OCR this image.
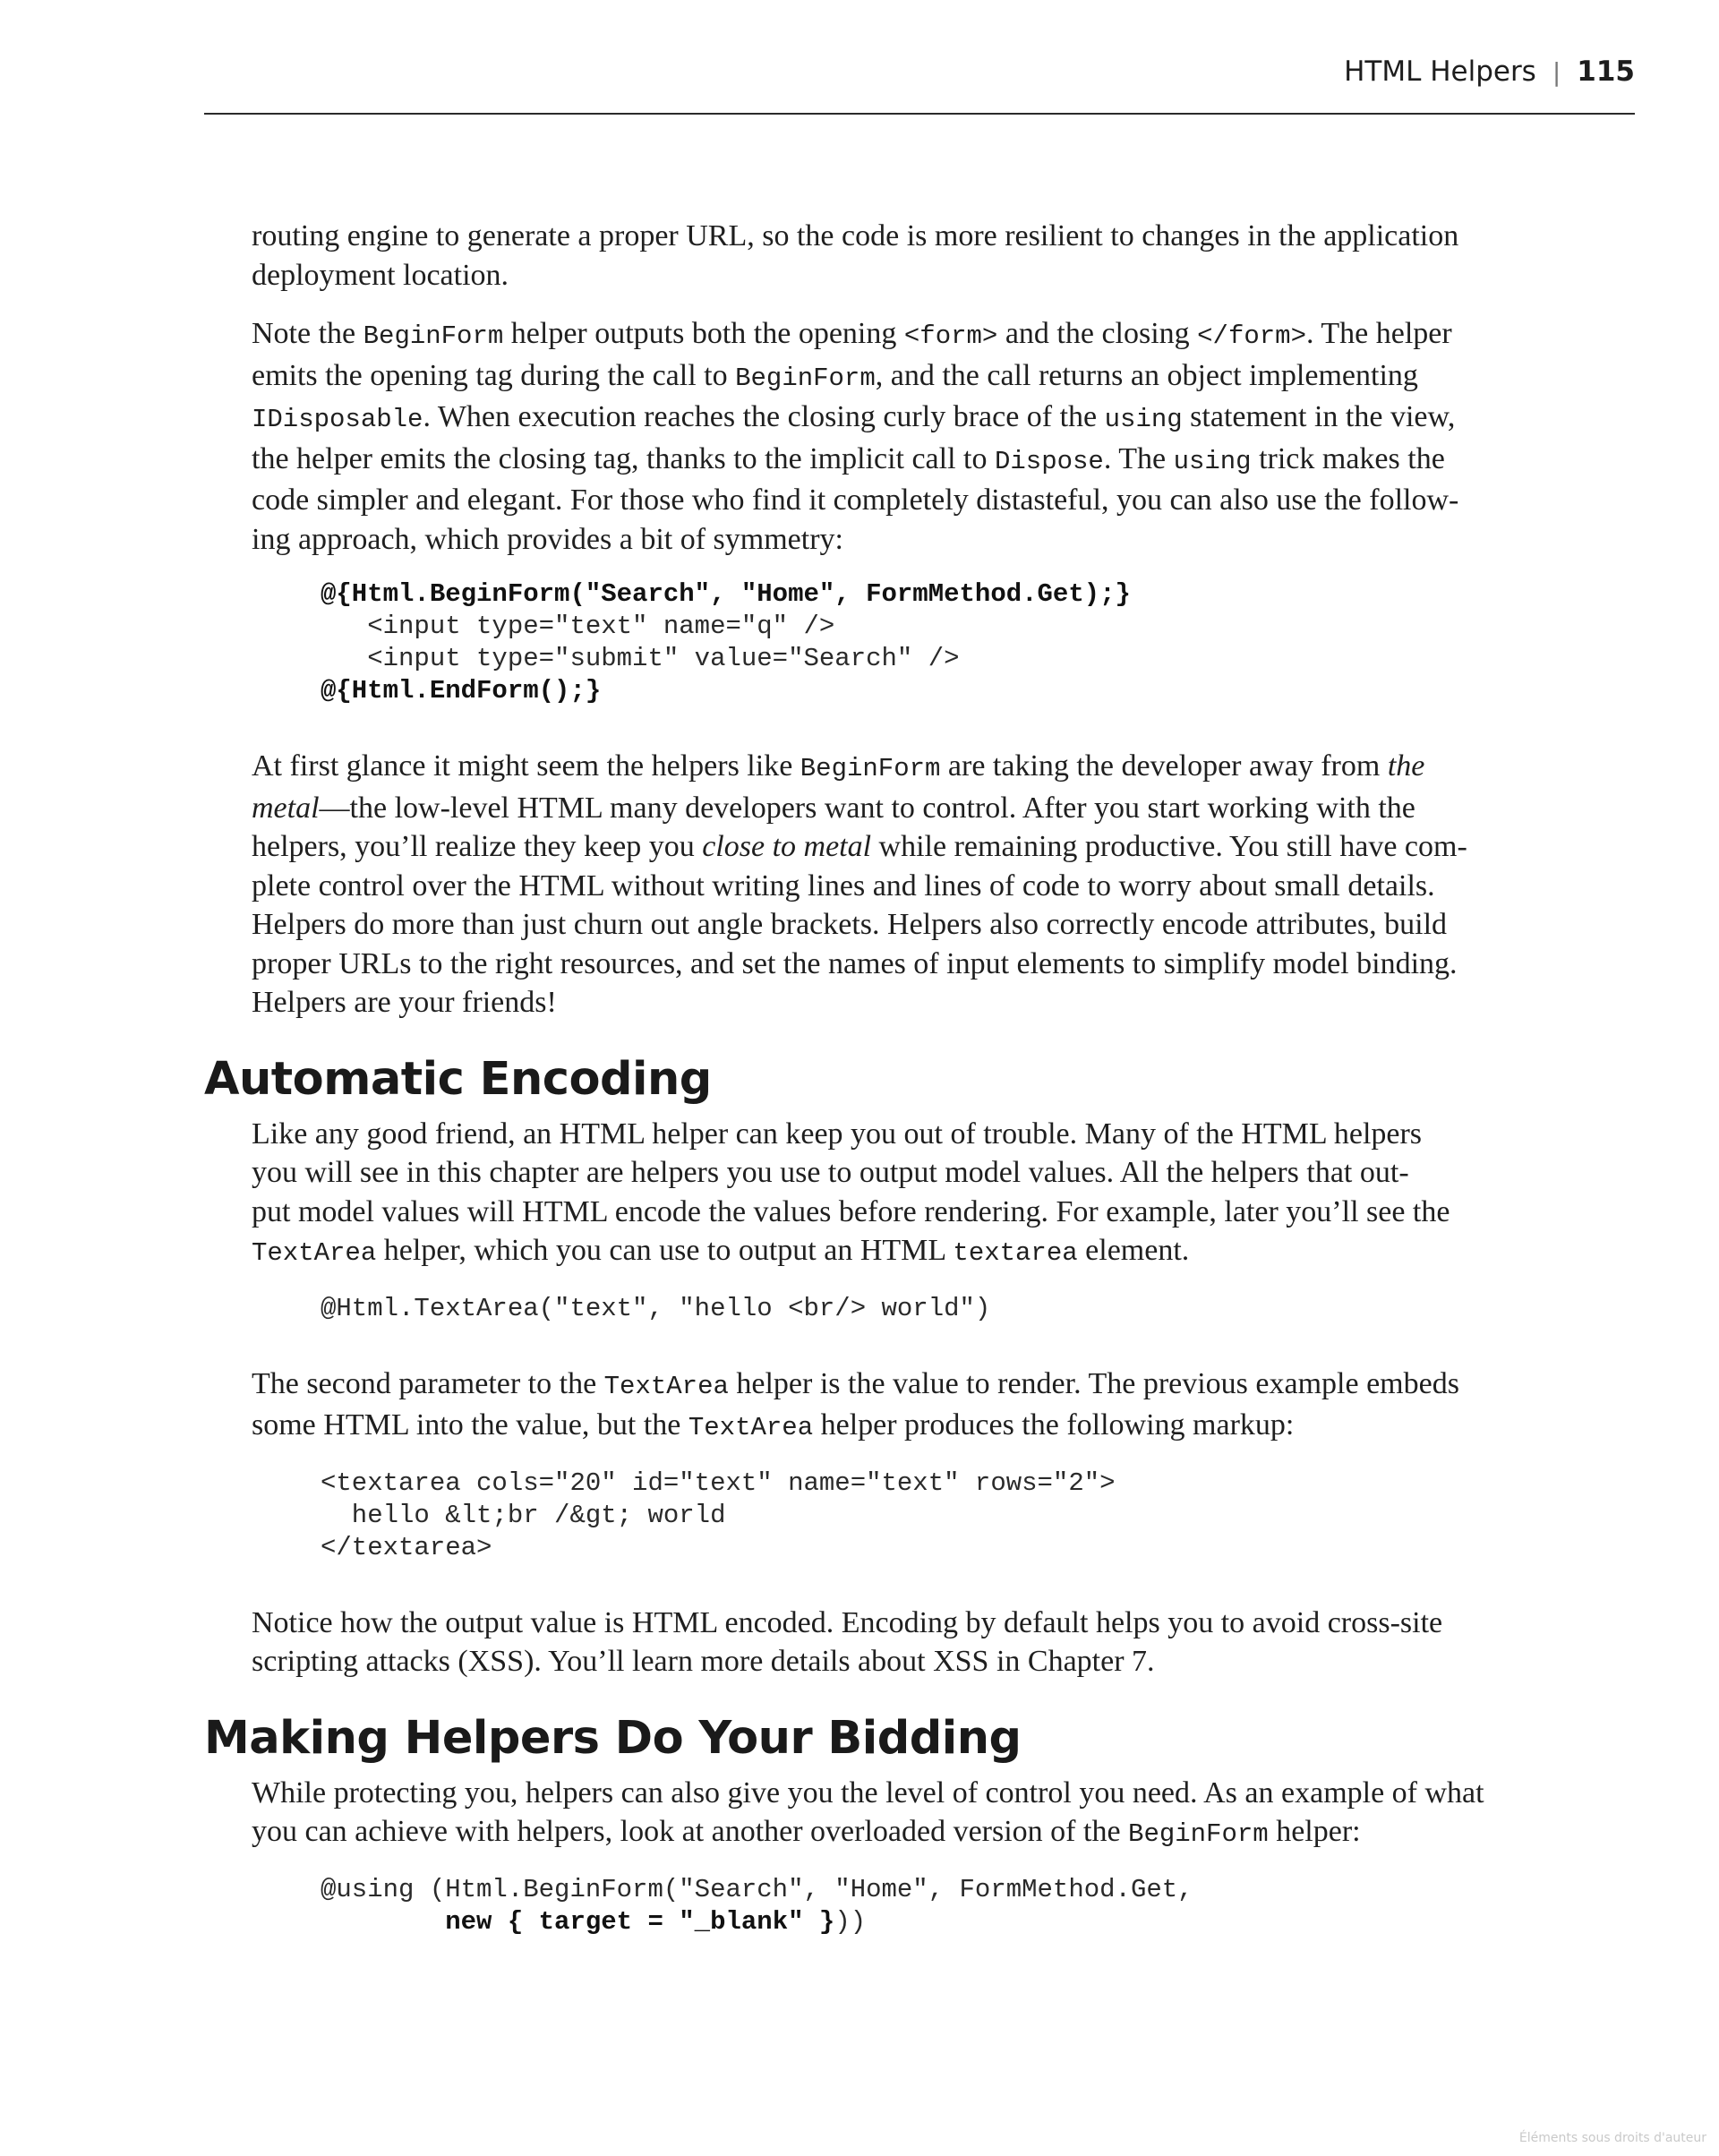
HTML Helpers | 115
routing engine to generate a proper URL, so the code is more resilient to changes in the application
deployment location.
Note the BeginForm helper outputs both the opening <form> and the closing </form>. The helper
emits the opening tag during the call to BeginForm, and the call returns an object implementing
IDisposable. When execution reaches the closing curly brace of the using statement in the view,
the helper emits the closing tag, thanks to the implicit call to Dispose. The using trick makes the
code simpler and elegant. For those who find it completely distasteful, you can also use the follow-
ing approach, which provides a bit of symmetry:
@{Html.BeginForm("Search", "Home", FormMethod.Get);}
<input type="text" name="q" />
<input type="submit" value="Search" />
@{Html.EndForm();}
At first glance it might seem the helpers like BeginForm are taking the developer away from the
metal—the low-level HTML many developers want to control. After you start working with the
helpers, you’ll realize they keep you close to metal while remaining productive. You still have com-
plete control over the HTML without writing lines and lines of code to worry about small details.
Helpers do more than just churn out angle brackets. Helpers also correctly encode attributes, build
proper URLs to the right resources, and set the names of input elements to simplify model binding.
Helpers are your friends!
Automatic Encoding
Like any good friend, an HTML helper can keep you out of trouble. Many of the HTML helpers
you will see in this chapter are helpers you use to output model values. All the helpers that out-
put model values will HTML encode the values before rendering. For example, later you’ll see the
TextArea helper, which you can use to output an HTML textarea element.
@Html.TextArea("text", "hello <br/> world")
The second parameter to the TextArea helper is the value to render. The previous example embeds
some HTML into the value, but the TextArea helper produces the following markup:
<textarea cols="20" id="text" name="text" rows="2">
hello &lt;br /&gt; world
</textarea>
Notice how the output value is HTML encoded. Encoding by default helps you to avoid cross-site
scripting attacks (XSS). You’ll learn more details about XSS in Chapter 7.
Making Helpers Do Your Bidding
While protecting you, helpers can also give you the level of control you need. As an example of what
you can achieve with helpers, look at another overloaded version of the BeginForm helper:
@using (Html.BeginForm("Search", "Home", FormMethod.Get,
new { target = "_blank" }))
Éléments sous droits d'auteur
